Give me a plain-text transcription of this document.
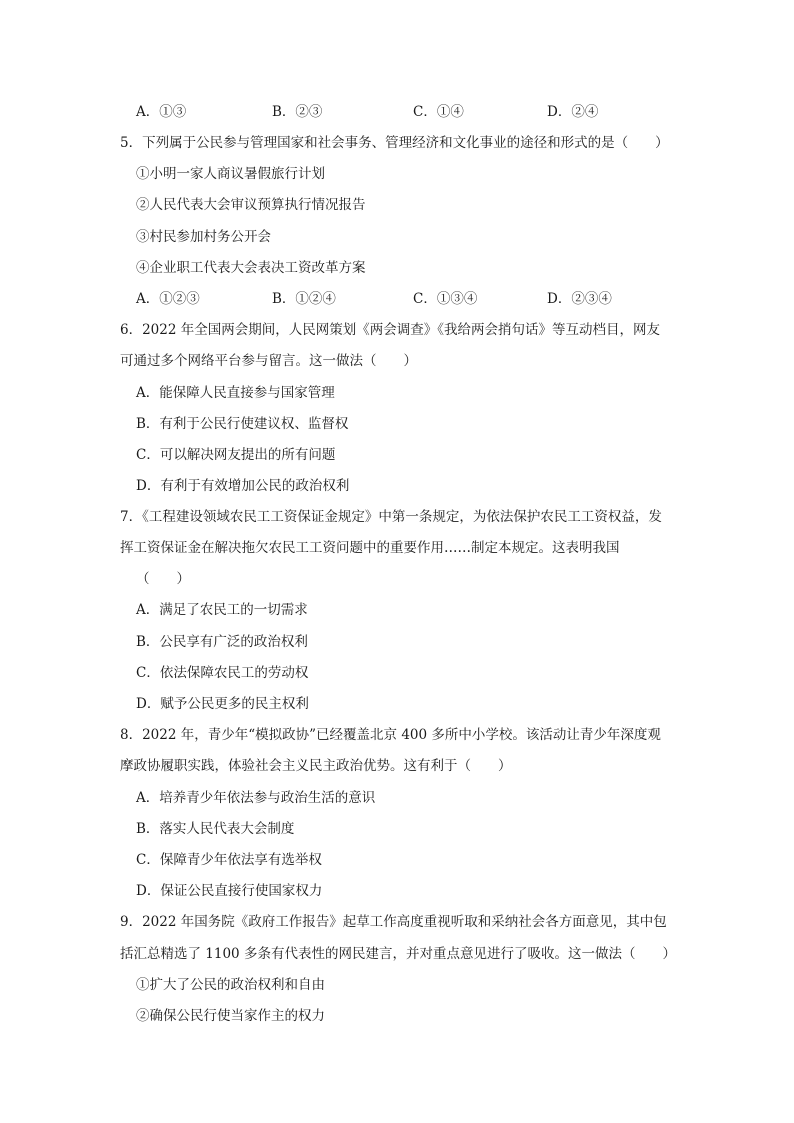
A．①③	B．②③	C．①④	D．②④
5．下列属于公民参与管理国家和社会事务、管理经济和文化事业的途径和形式的是（　　）
①小明一家人商议暑假旅行计划
②人民代表大会审议预算执行情况报告
③村民参加村务公开会
④企业职工代表大会表决工资改革方案
A．①②③	B．①②④	C．①③④	D．②③④
6．2022 年全国两会期间，人民网策划《两会调查》《我给两会捎句话》等互动档目，网友
可通过多个网络平台参与留言。这一做法（　　）
A．能保障人民直接参与国家管理
B．有利于公民行使建议权、监督权
C．可以解决网友提出的所有问题
D．有利于有效增加公民的政治权利
7．《工程建设领域农民工工资保证金规定》中第一条规定，为依法保护农民工工资权益，发
挥工资保证金在解决拖欠农民工工资问题中的重要作用……制定本规定。这表明我国
（　　）
A．满足了农民工的一切需求
B．公民享有广泛的政治权利
C．依法保障农民工的劳动权
D．赋予公民更多的民主权利
8．2022 年，青少年“模拟政协”已经覆盖北京 400 多所中小学校。该活动让青少年深度观
摩政协履职实践，体验社会主义民主政治优势。这有利于（　　）
A．培养青少年依法参与政治生活的意识
B．落实人民代表大会制度
C．保障青少年依法享有选举权
D．保证公民直接行使国家权力
9．2022 年国务院《政府工作报告》起草工作高度重视听取和采纳社会各方面意见，其中包
括汇总精选了 1100 多条有代表性的网民建言，并对重点意见进行了吸收。这一做法（　　）
①扩大了公民的政治权利和自由
②确保公民行使当家作主的权力
